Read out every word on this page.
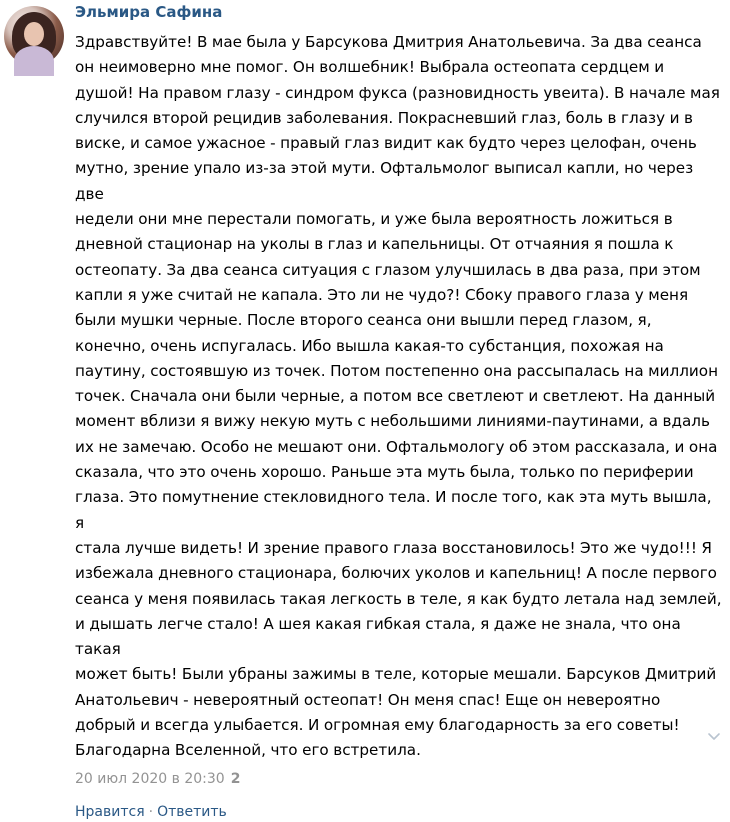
Эльмира Сафина
Здравствуйте! В мае была у Барсукова Дмитрия Анатольевича. За два сеанса
он неимоверно мне помог. Он волшебник! Выбрала остеопата сердцем и
душой! На правом глазу - синдром фукса (разновидность увеита). В начале мая
случился второй рецидив заболевания. Покрасневший глаз, боль в глазу и в
виске, и самое ужасное - правый глаз видит как будто через целофан, очень
мутно, зрение упало из-за этой мути. Офтальмолог выписал капли, но через две
недели они мне перестали помогать, и уже была вероятность ложиться в
дневной стационар на уколы в глаз и капельницы. От отчаяния я пошла к
остеопату. За два сеанса ситуация с глазом улучшилась в два раза, при этом
капли я уже считай не капала. Это ли не чудо?! Сбоку правого глаза у меня
были мушки черные. После второго сеанса они вышли перед глазом, я,
конечно, очень испугалась. Ибо вышла какая-то субстанция, похожая на
паутину, состоявшую из точек. Потом постепенно она рассыпалась на миллион
точек. Сначала они были черные, а потом все светлеют и светлеют. На данный
момент вблизи я вижу некую муть с небольшими линиями-паутинами, а вдаль
их не замечаю. Особо не мешают они. Офтальмологу об этом рассказала, и она
сказала, что это очень хорошо. Раньше эта муть была, только по периферии
глаза. Это помутнение стекловидного тела. И после того, как эта муть вышла, я
стала лучше видеть! И зрение правого глаза восстановилось! Это же чудо!!! Я
избежала дневного стационара, болючих уколов и капельниц! А после первого
сеанса у меня появилась такая легкость в теле, я как будто летала над землей,
и дышать легче стало! А шея какая гибкая стала, я даже не знала, что она такая
может быть! Были убраны зажимы в теле, которые мешали. Барсуков Дмитрий
Анатольевич - невероятный остеопат! Он меня спас! Еще он невероятно
добрый и всегда улыбается. И огромная ему благодарность за его советы!
Благодарна Вселенной, что его встретила.
20 июл 2020 в 20:30 2
Нравится · Ответить
